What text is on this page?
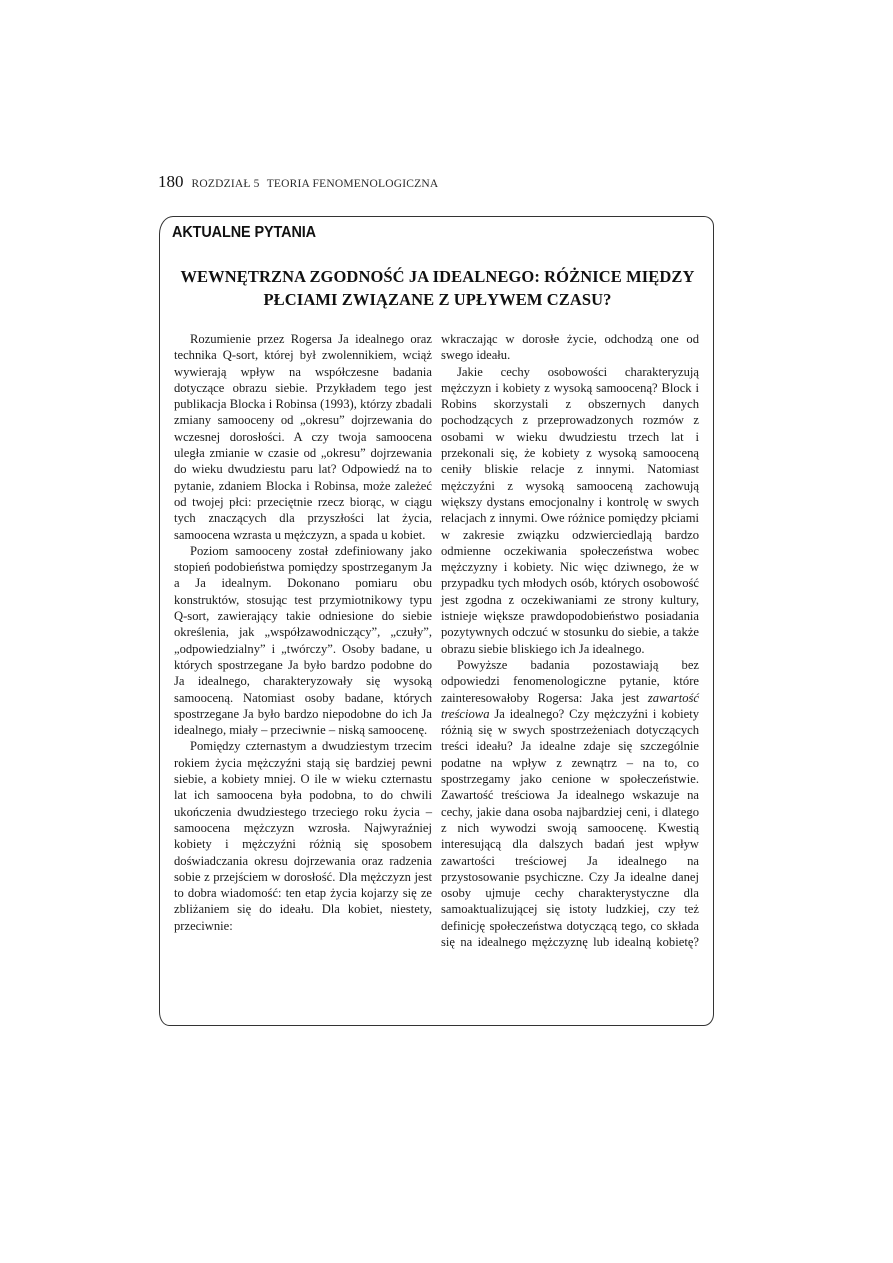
180 ROZDZIAŁ 5 TEORIA FENOMENOLOGICZNA
AKTUALNE PYTANIA
WEWNĘTRZNA ZGODNOŚĆ JA IDEALNEGO: RÓŻNICE MIĘDZY
PŁCIAMI ZWIĄZANE Z UPŁYWEM CZASU?

Rozumienie przez Rogersa Ja idealnego oraz technika Q-sort, której był zwolennikiem, wciąż wywierają wpływ na współczesne badania dotyczące obrazu siebie. Przykładem tego jest publikacja Blocka i Robinsa (1993), którzy zbadali zmiany samooceny od „okresu” dojrzewania do wczesnej dorosłości. A czy twoja samoocena uległa zmianie w czasie od „okresu” dojrzewania do wieku dwudziestu paru lat? Odpowiedź na to pytanie, zdaniem Blocka i Robinsa, może zależeć od twojej płci: przeciętnie rzecz biorąc, w ciągu tych znaczących dla przyszłości lat życia, samoocena wzrasta u mężczyzn, a spada u kobiet.

Poziom samooceny został zdefiniowany jako stopień podobieństwa pomiędzy spostrzeganym Ja a Ja idealnym. Dokonano pomiaru obu konstruktów, stosując test przymiotnikowy typu Q-sort, zawierający takie odniesione do siebie określenia, jak „współzawodniczący”, „czuły”, „odpowiedzialny” i „twórczy”. Osoby badane, u których spostrzegane Ja było bardzo podobne do Ja idealnego, charakteryzowały się wysoką samooceną. Natomiast osoby badane, których spostrzegane Ja było bardzo niepodobne do ich Ja idealnego, miały – przeciwnie – niską samoocenę.

Pomiędzy czternastym a dwudziestym trzecim rokiem życia mężczyźni stają się bardziej pewni siebie, a kobiety mniej. O ile w wieku czternastu lat ich samoocena była podobna, to do chwili ukończenia dwudziestego trzeciego roku życia – samoocena mężczyzn wzrosła. Najwyraźniej kobiety i mężczyźni różnią się sposobem doświadczania okresu dojrzewania oraz radzenia sobie z przejściem w dorosłość. Dla mężczyzn jest to dobra wiadomość: ten etap życia kojarzy się ze zbliżaniem się do ideału. Dla kobiet, niestety, przeciwnie:

wkraczając w dorosłe życie, odchodzą one od swego ideału.

Jakie cechy osobowości charakteryzują mężczyzn i kobiety z wysoką samooceną? Block i Robins skorzystali z obszernych danych pochodzących z przeprowadzonych rozmów z osobami w wieku dwudziestu trzech lat i przekonali się, że kobiety z wysoką samooceną ceniły bliskie relacje z innymi. Natomiast mężczyźni z wysoką samooceną zachowują większy dystans emocjonalny i kontrolę w swych relacjach z innymi. Owe różnice pomiędzy płciami w zakresie związku odzwierciedlają bardzo odmienne oczekiwania społeczeństwa wobec mężczyzny i kobiety. Nic więc dziwnego, że w przypadku tych młodych osób, których osobowość jest zgodna z oczekiwaniami ze strony kultury, istnieje większe prawdopodobieństwo posiadania pozytywnych odczuć w stosunku do siebie, a także obrazu siebie bliskiego ich Ja idealnego.

Powyższe badania pozostawiają bez odpowiedzi fenomenologiczne pytanie, które zainteresowałoby Rogersa: Jaka jest zawartość treściowa Ja idealnego? Czy mężczyźni i kobiety różnią się w swych spostrzeżeniach dotyczących treści ideału? Ja idealne zdaje się szczególnie podatne na wpływ z zewnątrz – na to, co spostrzegamy jako cenione w społeczeństwie. Zawartość treściowa Ja idealnego wskazuje na cechy, jakie dana osoba najbardziej ceni, i dlatego z nich wywodzi swoją samoocenę. Kwestią interesującą dla dalszych badań jest wpływ zawartości treściowej Ja idealnego na przystosowanie psychiczne. Czy Ja idealne danej osoby ujmuje cechy charakterystyczne dla samoaktualizującej się istoty ludzkiej, czy też definicję społeczeństwa dotyczącą tego, co składa się na idealnego mężczyznę lub idealną kobietę?
